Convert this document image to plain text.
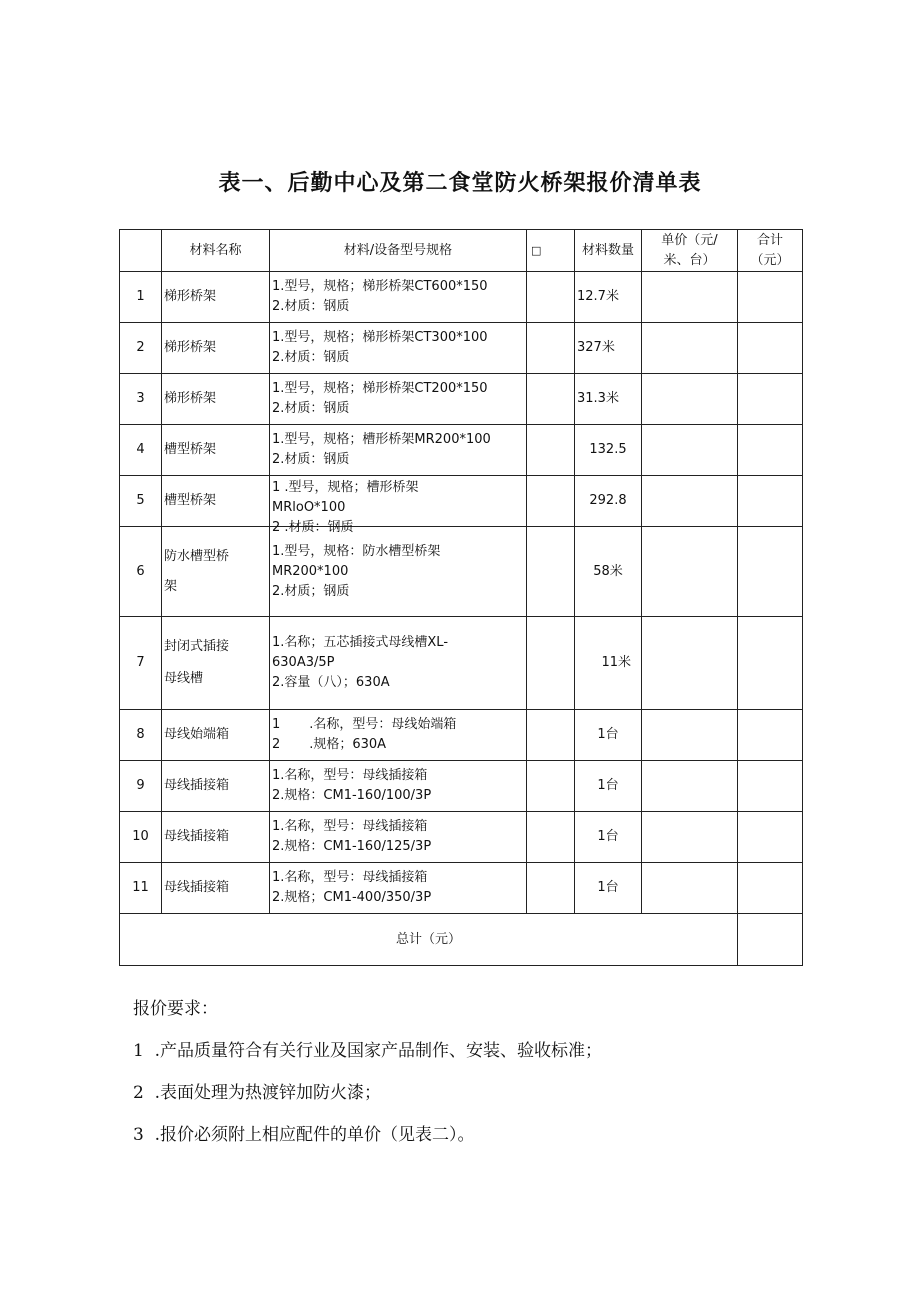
表一、后勤中心及第二食堂防火桥架报价清单表
	材料名称	材料/设备型号规格	□	材料数量	单价（元/
米、台）	合计
（元）

1	梯形桥架	1.型号，规格；梯形桥架CT600*150
2.材质：钢质		12.7米		
2	梯形桥架	1.型号，规格；梯形桥架CT300*100
2.材质：钢质		327米		
3	梯形桥架	1.型号，规格；梯形桥架CT200*150
2.材质：钢质		31.3米		
4	槽型桥架	1.型号，规格；槽形桥架MR200*100
2.材质：钢质		132.5		
5	槽型桥架	1 .型号，规格；槽形桥架
MRloO*100
2 .材质：钢质		292.8		
6	防水槽型桥
架	1.型号，规格：防水槽型桥架
MR200*100
2.材质；钢质		58米		
7	封闭式插接
母线槽	1.名称；五芯插接式母线槽XL-
630A3/5P
2.容量（八）；630A		11米		
8	母线始端箱	1       .名称，型号：母线始端箱
2       .规格；630A		1台		
9	母线插接箱	1.名称，型号：母线插接箱
2.规格：CM1-160/100/3P		1台		
10	母线插接箱	1.名称，型号：母线插接箱
2.规格：CM1-160/125/3P		1台		
11	母线插接箱	1.名称，型号：母线插接箱
2.规格；CM1-400/350/3P		1台		
总计（元）						
报价要求：
1  .产品质量符合有关行业及国家产品制作、安装、验收标准；
2  .表面处理为热渡锌加防火漆；
3  .报价必须附上相应配件的单价（见表二）。
